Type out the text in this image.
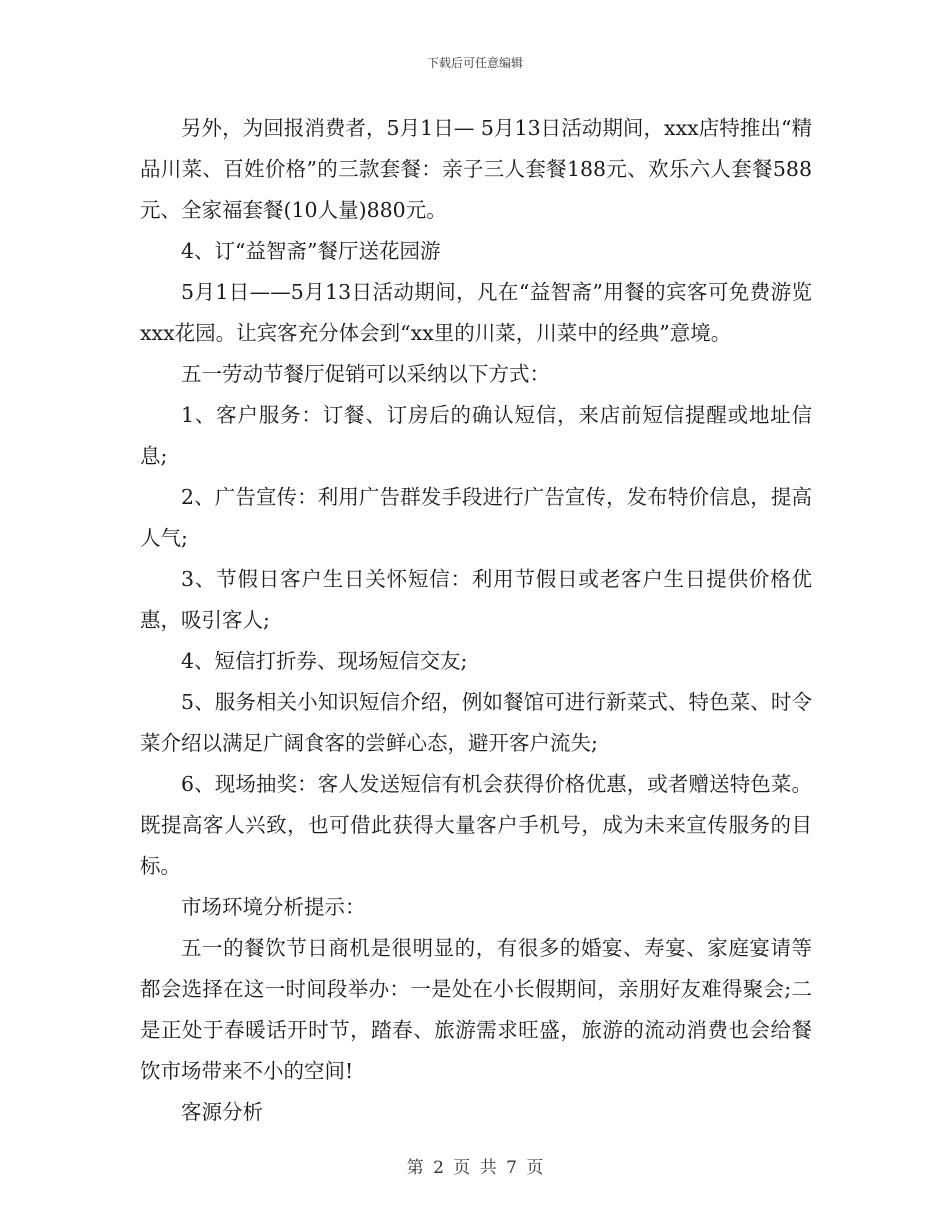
下载后可任意编辑

另外，为回报消费者，5月1日— 5月13日活动期间，xxx店特推出“精品川菜、百姓价格”的三款套餐：亲子三人套餐188元、欢乐六人套餐588元、全家福套餐(10人量)880元。

4、订“益智斋”餐厅送花园游

5月1日——5月13日活动期间，凡在“益智斋”用餐的宾客可免费游览xxx花园。让宾客充分体会到“xx里的川菜，川菜中的经典”意境。

五一劳动节餐厅促销可以采纳以下方式：

1、客户服务：订餐、订房后的确认短信，来店前短信提醒或地址信息;

2、广告宣传：利用广告群发手段进行广告宣传，发布特价信息，提高人气;

3、节假日客户生日关怀短信：利用节假日或老客户生日提供价格优惠，吸引客人;

4、短信打折券、现场短信交友;

5、服务相关小知识短信介绍，例如餐馆可进行新菜式、特色菜、时令菜介绍以满足广阔食客的尝鲜心态，避开客户流失;

6、现场抽奖：客人发送短信有机会获得价格优惠，或者赠送特色菜。既提高客人兴致，也可借此获得大量客户手机号，成为未来宣传服务的目标。

市场环境分析提示：

五一的餐饮节日商机是很明显的，有很多的婚宴、寿宴、家庭宴请等都会选择在这一时间段举办：一是处在小长假期间，亲朋好友难得聚会;二是正处于春暖话开时节，踏春、旅游需求旺盛，旅游的流动消费也会给餐饮市场带来不小的空间!

客源分析

第 2 页 共 7 页
